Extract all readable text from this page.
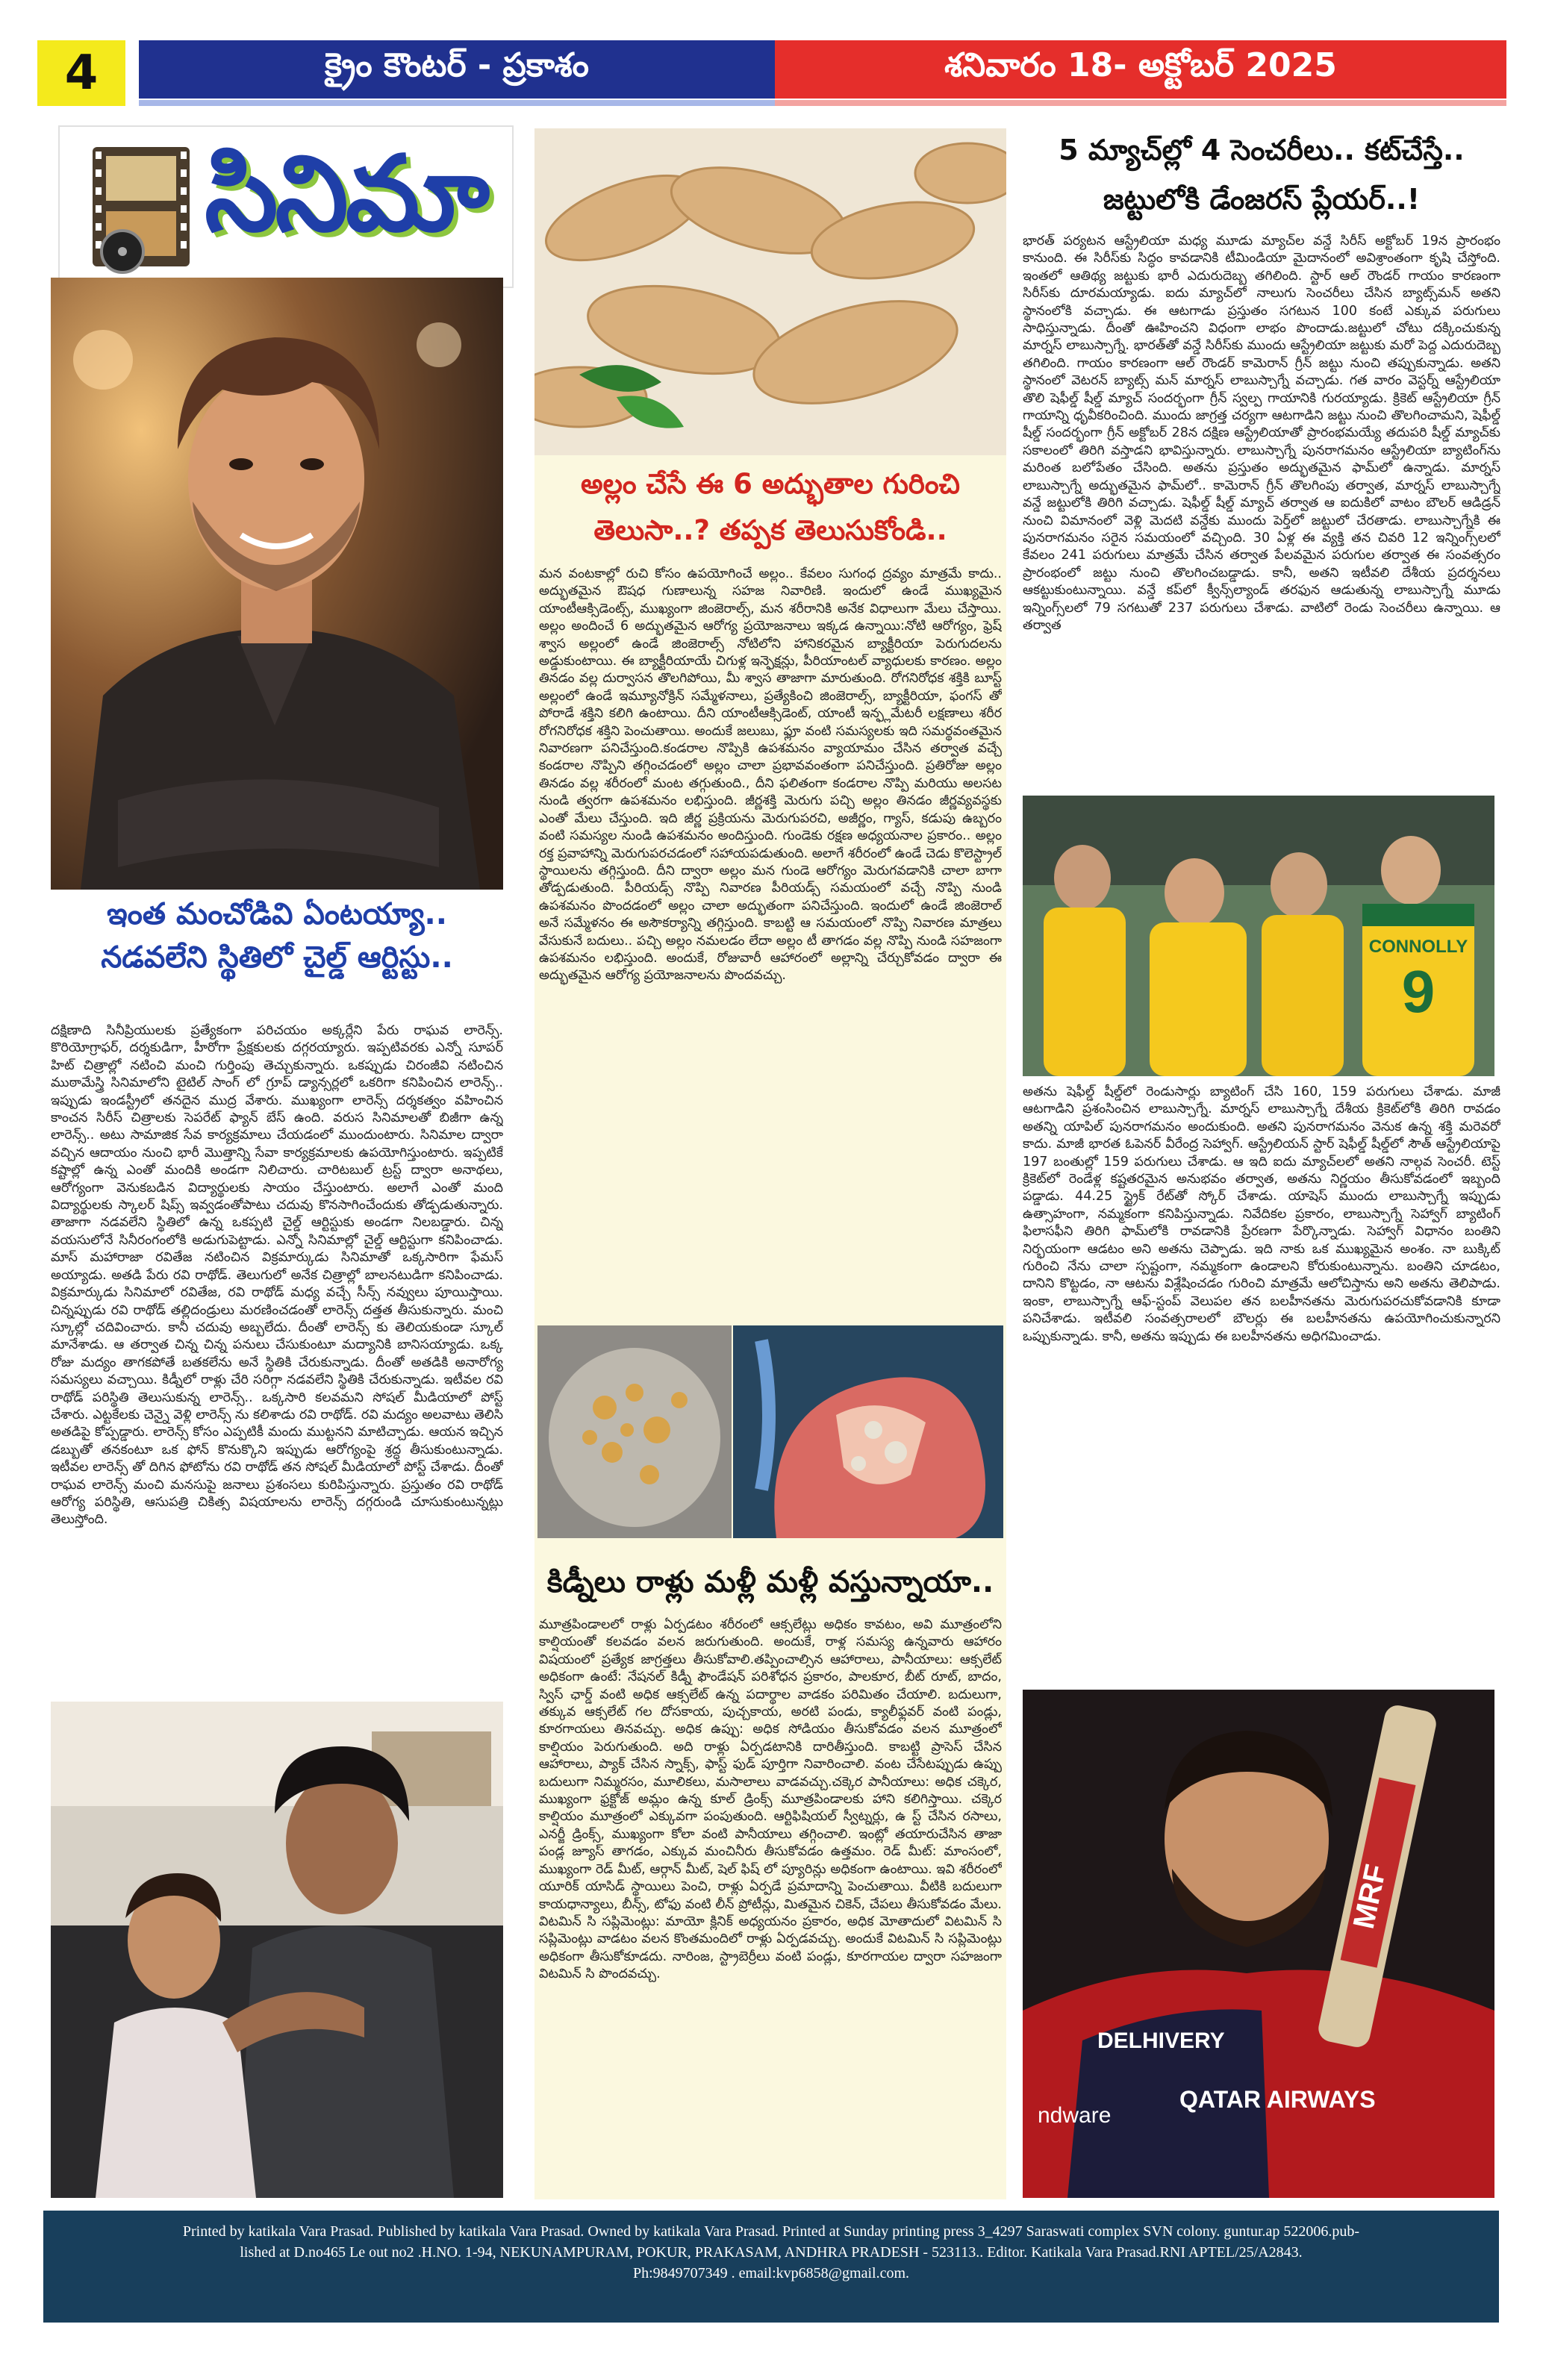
4	క్రైం కౌంటర్ - ప్రకాశం	శనివారం 18- అక్టోబర్ 2025
సినిమా
ఇంత మంచోడివి ఏంటయ్యా..
నడవలేని స్థితిలో చైల్డ్ ఆర్టిస్టు..

దక్షిణాది సినీప్రియులకు ప్రత్యేకంగా పరిచయం అక్కర్లేని పేరు రాఘవ లారెన్స్. కొరియోగ్రాఫర్, దర్శకుడిగా, హీరోగా ప్రేక్షకులకు దగ్గరయ్యారు. ఇప్పటివరకు ఎన్నో సూపర్ హిట్ చిత్రాల్లో నటించి మంచి గుర్తింపు తెచ్చుకున్నారు. ఒకప్పుడు చిరంజీవి నటించిన ముఠామేస్త్రి సినిమాలోని టైటిల్ సాంగ్ లో గ్రూప్ డ్యాన్సర్లలో ఒకరిగా కనిపించిన లారెన్స్.. ఇప్పుడు ఇండస్ట్రీలో తనదైన ముద్ర వేశారు. ముఖ్యంగా లారెన్స్ దర్శకత్వం వహించిన కాంచన సిరీస్ చిత్రాలకు సెపరేట్ ఫ్యాన్ బేస్ ఉంది. వరుస సినిమాలతో బిజీగా ఉన్న లారెన్స్.. అటు సామాజిక సేవ కార్యక్రమాలు చేయడంలో ముందుంటారు. సినిమాల ద్వారా వచ్చిన ఆదాయం నుంచి భారీ మొత్తాన్ని సేవా కార్యక్రమాలకు ఉపయోగిస్తుంటారు. ఇప్పటికే కష్టాల్లో ఉన్న ఎంతో మందికి అండగా నిలిచారు. చారిటబుల్ ట్రస్ట్ ద్వారా అనాథలు, ఆరోగ్యంగా వెనుకబడిన విద్యార్థులకు సాయం చేస్తుంటారు. అలాగే ఎంతో మంది విద్యార్థులకు స్కాలర్ షిప్స్ ఇవ్వడంతోపాటు చదువు కొనసాగించేందుకు తోడ్పడుతున్నారు. తాజాగా నడవలేని స్థితిలో ఉన్న ఒకప్పటి చైల్డ్ ఆర్టిస్టుకు అండగా నిలబడ్డారు. చిన్న వయసులోనే సినీరంగంలోకి అడుగుపెట్టాడు. ఎన్నో సినిమాల్లో చైల్డ్ ఆర్టిస్టుగా కనిపించాడు. మాస్ మహారాజా రవితేజ నటించిన విక్రమార్కుడు సినిమాతో ఒక్కసారిగా ఫేమస్ అయ్యాడు. అతడి పేరు రవి రాథోడ్. తెలుగులో అనేక చిత్రాల్లో బాలనటుడిగా కనిపించాడు. విక్రమార్కుడు సినిమాలో రవితేజ, రవి రాథోడ్ మధ్య వచ్చే సీన్స్ నవ్వులు పూయిస్తాయి. చిన్నప్పుడు రవి రాథోడ్ తల్లిదండ్రులు మరణించడంతో లారెన్స్ దత్తత తీసుకున్నారు. మంచి స్కూల్లో చదివించారు. కానీ చదువు అబ్బలేదు. దీంతో లారెన్స్ కు తెలియకుండా స్కూల్ మానేశాడు. ఆ తర్వాత చిన్న చిన్న పనులు చేసుకుంటూ మద్యానికి బానిసయ్యాడు. ఒక్క రోజు మద్యం తాగకపోతే బతకలేను అనే స్థితికి చేరుకున్నాడు. దీంతో అతడికి అనారోగ్య సమస్యలు వచ్చాయి. కిడ్నీలో రాళ్లు చేరి సరిగ్గా నడవలేని స్థితికి చేరుకున్నాడు. ఇటీవల రవి రాథోడ్ పరిస్థితి తెలుసుకున్న లారెన్స్.. ఒక్కసారి కలవమని సోషల్ మీడియాలో పోస్ట్ చేశారు. ఎట్టకేలకు చెన్నై వెళ్లి లారెన్స్ ను కలిశాడు రవి రాథోడ్. రవి మద్యం అలవాటు తెలిసి అతడిపై కోప్పడ్డారు. లారెన్స్ కోసం ఎప్పటికీ మందు ముట్టనని మాటిచ్చాడు. ఆయన ఇచ్చిన డబ్బుతో తనకంటూ ఒక ఫోన్ కొనుక్కొని ఇప్పుడు ఆరోగ్యంపై శ్రద్ధ తీసుకుంటున్నాడు. ఇటీవల లారెన్స్ తో దిగిన ఫోటోను రవి రాథోడ్ తన సోషల్ మీడియాలో పోస్ట్ చేశాడు. దీంతో రాఘవ లారెన్స్ మంచి మనసుపై జనాలు ప్రశంసలు కురిపిస్తున్నారు. ప్రస్తుతం రవి రాథోడ్ ఆరోగ్య పరిస్థితి, ఆసుపత్రి చికిత్స విషయాలను లారెన్స్ దగ్గరుండి చూసుకుంటున్నట్లు తెలుస్తోంది.

అల్లం చేసే ఈ 6 అద్భుతాల గురించి
తెలుసా..? తప్పక తెలుసుకోండి..

మన వంటకాల్లో రుచి కోసం ఉపయోగించే అల్లం.. కేవలం సుగంధ ద్రవ్యం మాత్రమే కాదు.. అద్భుతమైన ఔషధ గుణాలున్న సహజ నివారిణి. ఇందులో ఉండే ముఖ్యమైన యాంటీఆక్సిడెంట్స్, ముఖ్యంగా జింజెరాల్స్, మన శరీరానికి అనేక విధాలుగా మేలు చేస్తాయి. అల్లం అందించే 6 అద్భుతమైన ఆరోగ్య ప్రయోజనాలు ఇక్కడ ఉన్నాయి:నోటి ఆరోగ్యం, ఫ్రెష్ శ్వాస అల్లంలో ఉండే జింజెరాల్స్ నోటిలోని హానికరమైన బ్యాక్టీరియా పెరుగుదలను అడ్డుకుంటాయి. ఈ బ్యాక్టీరియాయే చిగుళ్ల ఇన్ఫెక్షన్లు, పీరియాంటల్ వ్యాధులకు కారణం. అల్లం తినడం వల్ల దుర్వాసన తొలగిపోయి, మీ శ్వాస తాజాగా మారుతుంది. రోగనిరోధక శక్తికి బూస్ట్ అల్లంలో ఉండే ఇమ్యూనోక్రిన్ సమ్మేళనాలు, ప్రత్యేకించి జింజెరాల్స్, బ్యాక్టీరియా, ఫంగస్ తో పోరాడే శక్తిని కలిగి ఉంటాయి. దీని యాంటీఆక్సిడెంట్, యాంటీ ఇన్ఫ్లమేటరీ లక్షణాలు శరీర రోగనిరోధక శక్తిని పెంచుతాయి. అందుకే జలుబు, ఫ్లూ వంటి సమస్యలకు ఇది సమర్థవంతమైన నివారణగా పనిచేస్తుంది.కండరాల నొప్పికి ఉపశమనం వ్యాయామం చేసిన తర్వాత వచ్చే కండరాల నొప్పిని తగ్గించడంలో అల్లం చాలా ప్రభావవంతంగా పనిచేస్తుంది. ప్రతిరోజు అల్లం తినడం వల్ల శరీరంలో మంట తగ్గుతుంది., దీని ఫలితంగా కండరాల నొప్పి మరియు అలసట నుండి త్వరగా ఉపశమనం లభిస్తుంది. జీర్ణశక్తి మెరుగు పచ్చి అల్లం తినడం జీర్ణవ్యవస్థకు ఎంతో మేలు చేస్తుంది. ఇది జీర్ణ ప్రక్రియను మెరుగుపరచి, అజీర్ణం, గ్యాస్, కడుపు ఉబ్బరం వంటి సమస్యల నుండి ఉపశమనం అందిస్తుంది. గుండెకు రక్షణ అధ్యయనాల ప్రకారం.. అల్లం రక్త ప్రవాహాన్ని మెరుగుపరచడంలో సహాయపడుతుంది. అలాగే శరీరంలో ఉండే చెడు కొలెస్ట్రాల్ స్థాయిలను తగ్గిస్తుంది. దీని ద్వారా అల్లం మన గుండె ఆరోగ్యం మెరుగవడానికి చాలా బాగా తోడ్పడుతుంది. పీరియడ్స్ నొప్పి నివారణ పీరియడ్స్ సమయంలో వచ్చే నొప్పి నుండి ఉపశమనం పొందడంలో అల్లం చాలా అద్భుతంగా పనిచేస్తుంది. ఇందులో ఉండే జింజెరాల్ అనే సమ్మేళనం ఈ అసౌకర్యాన్ని తగ్గిస్తుంది. కాబట్టి ఆ సమయంలో నొప్పి నివారణ మాత్రలు వేసుకునే బదులు.. పచ్చి అల్లం నమలడం లేదా అల్లం టీ తాగడం వల్ల నొప్పి నుండి సహజంగా ఉపశమనం లభిస్తుంది. అందుకే, రోజువారీ ఆహారంలో అల్లాన్ని చేర్చుకోవడం ద్వారా ఈ అద్భుతమైన ఆరోగ్య ప్రయోజనాలను పొందవచ్చు.

కిడ్నీలు రాళ్లు మళ్లీ మళ్లీ వస్తున్నాయా..

మూత్రపిండాలలో రాళ్లు ఏర్పడటం శరీరంలో ఆక్సలేట్లు అధికం కావటం, అవి మూత్రంలోని కాల్షియంతో కలవడం వలన జరుగుతుంది. అందుకే, రాళ్ల సమస్య ఉన్నవారు ఆహారం విషయంలో ప్రత్యేక జాగ్రత్తలు తీసుకోవాలి.తప్పించాల్సిన ఆహారాలు, పానీయాలు: ఆక్సలేట్ అధికంగా ఉంటే: నేషనల్ కిడ్నీ ఫౌండేషన్ పరిశోధన ప్రకారం, పాలకూర, బీట్ రూట్, బాదం, స్విస్ ఛార్డ్ వంటి అధిక ఆక్సలేట్ ఉన్న పదార్థాల వాడకం పరిమితం చేయాలి. బదులుగా, తక్కువ ఆక్సలేట్ గల దోసకాయ, పుచ్చకాయ, అరటి పండు, క్యాలీఫ్లవర్ వంటి పండ్లు, కూరగాయలు తినవచ్చు. అధిక ఉప్పు: అధిక సోడియం తీసుకోవడం వలన మూత్రంలో కాల్షియం పెరుగుతుంది. అది రాళ్లు ఏర్పడటానికి దారితీస్తుంది. కాబట్టి ప్రాసెస్ చేసిన ఆహారాలు, ప్యాక్ చేసిన స్నాక్స్, ఫాస్ట్ ఫుడ్ పూర్తిగా నివారించాలి. వంట చేసేటప్పుడు ఉప్పు బదులుగా నిమ్మరసం, మూలికలు, మసాలాలు వాడవచ్చు.చక్కెర పానీయాలు: అధిక చక్కెర, ముఖ్యంగా ఫ్రక్టోజ్ అమ్లం ఉన్న కూల్ డ్రింక్స్ మూత్రపిండాలకు హాని కలిగిస్తాయి. చక్కెర కాల్షియం మూత్రంలో ఎక్కువగా పంపుతుంది. ఆర్టిఫిషియల్ స్వీట్నర్లు, ఉ స్ట్ చేసిన రసాలు, ఎనర్జీ డ్రింక్స్, ముఖ్యంగా కోలా వంటి పానీయాలు తగ్గించాలి. ఇంట్లో తయారుచేసిన తాజా పండ్ల జ్యూస్ తాగడం, ఎక్కువ మంచినీరు తీసుకోవడం ఉత్తమం. రెడ్ మీట్: మాంసంలో, ముఖ్యంగా రెడ్ మీట్, ఆర్గాన్ మీట్, షెల్ ఫిష్ లో ప్యూరిన్లు అధికంగా ఉంటాయి. ఇవి శరీరంలో యూరిక్ యాసిడ్ స్థాయిలు పెంచి, రాళ్లు ఏర్పడే ప్రమాదాన్ని పెంచుతాయి. వీటికి బదులుగా కాయధాన్యాలు, బీన్స్, టోఫు వంటి లీన్ ప్రోటీన్లు, మితమైన చికెన్, చేపలు తీసుకోవడం మేలు. విటమిన్ సి సప్లిమెంట్లు: మాయో క్లినిక్ అధ్యయనం ప్రకారం, అధిక మోతాదులో విటమిన్ సి సప్లిమెంట్లు వాడటం వలన కొంతమందిలో రాళ్లు ఏర్పడవచ్చు. అందుకే విటమిన్ సి సప్లిమెంట్లు అధికంగా తీసుకోకూడదు. నారింజ, స్ట్రాబెర్రీలు వంటి పండ్లు, కూరగాయల ద్వారా సహజంగా విటమిన్ సి పొందవచ్చు.

5 మ్యాచ్‌ల్లో 4 సెంచరీలు.. కట్‌చేస్తే..
జట్టులోకి డేంజరస్ ప్లేయర్..!

భారత్ పర్యటన ఆస్ట్రేలియా మధ్య మూడు మ్యాచ్‌ల వన్డే సిరీస్ అక్టోబర్ 19న ప్రారంభం కానుంది. ఈ సిరీస్‌కు సిద్ధం కావడానికి టీమిండియా మైదానంలో అవిశ్రాంతంగా కృషి చేస్తోంది. ఇంతలో ఆతిథ్య జట్టుకు భారీ ఎదురుదెబ్బ తగిలింది. స్టార్ ఆల్ రౌండర్ గాయం కారణంగా సిరీస్‌కు దూరమయ్యాడు. ఐదు మ్యాచ్‌లో నాలుగు సెంచరీలు చేసిన బ్యాట్స్‌మన్ అతని స్థానంలోకి వచ్చాడు. ఈ ఆటగాడు ప్రస్తుతం సగటున 100 కంటే ఎక్కువ పరుగులు సాధిస్తున్నాడు. దీంతో ఊహించని విధంగా లాభం పొందాడు.జట్టులో చోటు దక్కించుకున్న మార్నస్ లాబుస్చాగ్నే. భారత్‌తో వన్డే సిరీస్‌కు ముందు ఆస్ట్రేలియా జట్టుకు మరో పెద్ద ఎదురుదెబ్బ తగిలింది. గాయం కారణంగా ఆల్ రౌండర్ కామెరాన్ గ్రీన్ జట్టు నుంచి తప్పుకున్నాడు. అతని స్థానంలో వెటరన్ బ్యాట్స్ మన్ మార్నస్ లాబుస్చాగ్నే వచ్చాడు. గత వారం వెస్టర్న్ ఆస్ట్రేలియా తొలి షెఫీల్డ్ షీల్డ్ మ్యాచ్ సందర్భంగా గ్రీన్ స్వల్ప గాయానికి గురయ్యాడు. క్రికెట్ ఆస్ట్రేలియా గ్రీన్ గాయాన్ని ధృవీకరించింది. ముందు జాగ్రత్త చర్యగా ఆటగాడిని జట్టు నుంచి తొలగించామని, షెఫీల్డ్ షీల్డ్ సందర్భంగా గ్రీన్ అక్టోబర్ 28న దక్షిణ ఆస్ట్రేలియాతో ప్రారంభమయ్యే తదుపరి షీల్డ్ మ్యాచ్‌కు సకాలంలో తిరిగి వస్తాడని భావిస్తున్నారు. లాబుస్చాగ్నే పునరాగమనం ఆస్ట్రేలియా బ్యాటింగ్‌ను మరింత బలోపేతం చేసింది. అతను ప్రస్తుతం అద్భుతమైన ఫామ్‌లో ఉన్నాడు. మార్నస్ లాబుస్చాగ్నే అద్భుతమైన ఫామ్‌లో.. కామెరాన్ గ్రీన్ తొలగింపు తర్వాత, మార్నస్ లాబుస్చాగ్నే వన్డే జట్టులోకి తిరిగి వచ్చాడు. షెఫీల్డ్ షీల్డ్ మ్యాచ్ తర్వాత ఆ ఐదుకిలో వాటం బౌలర్ ఆడిడ్రన్ నుంచి విమానంలో వెళ్లి మెదటి వన్డేకు ముందు పెర్త్‌లో జట్టులో చేరతాడు. లాబుస్చాగ్నేకి ఈ పునరాగమనం సరైన సమయంలో వచ్చింది. 30 ఏళ్ల ఈ వ్యక్తి తన చివరి 12 ఇన్నింగ్స్‌లలో కేవలం 241 పరుగులు మాత్రమే చేసిన తర్వాత పేలవమైన పరుగుల తర్వాత ఈ సంవత్సరం ప్రారంభంలో జట్టు నుంచి తొలగించబడ్డాడు. కానీ, అతని ఇటీవలి దేశీయ ప్రదర్శనలు ఆకట్టుకుంటున్నాయి. వన్డే కప్‌లో క్వీన్స్‌ల్యాండ్ తరఫున ఆడుతున్న లాబుస్చాగ్నే మూడు ఇన్నింగ్స్‌లలో 79 సగటుతో 237 పరుగులు చేశాడు. వాటిలో రెండు సెంచరీలు ఉన్నాయి. ఆ తర్వాత

CONNOLLY
9

అతను షెఫీల్డ్ షీల్డ్‌లో రెండుసార్లు బ్యాటింగ్ చేసి 160, 159 పరుగులు చేశాడు. మాజీ ఆటగాడిని ప్రశంసించిన లాబుస్చాగ్నే. మార్నస్ లాబుస్చాగ్నే దేశీయ క్రికెట్‌లోకి తిరిగి రావడం అతన్ని యాపిల్ పునరాగమనం అందుకుంది. అతని పునరాగమనం వెనుక ఉన్న శక్తి మరెవరో కాదు. మాజీ భారత ఓపెనర్ వీరేంద్ర సెహ్వాగ్. ఆస్ట్రేలియన్ స్టార్ షెఫీల్డ్ షీల్డ్‌లో సౌత్ ఆస్ట్రేలియాపై 197 బంతుల్లో 159 పరుగులు చేశాడు. ఆ ఇది ఐదు మ్యాచ్‌లలో అతని నాల్గవ సెంచరీ. టెస్ట్ క్రికెట్‌లో రెండేళ్ల కష్టతరమైన అనుభవం తర్వాత, అతను నిర్ణయం తీసుకోవడంలో ఇబ్బంది పడ్డాడు. 44.25 స్ట్రైక్ రేట్‌తో స్కోర్ చేశాడు. యాషెస్ ముందు లాబుస్చాగ్నే ఇప్పుడు ఉత్సాహంగా, నమ్మకంగా కనిపిస్తున్నాడు. నివేదికల ప్రకారం, లాబుస్చాగ్నే సెహ్వాగ్ బ్యాటింగ్ ఫిలాసఫీని తిరిగి ఫామ్‌లోకి రావడానికి ప్రేరణగా పేర్కొన్నాడు. సెహ్వాగ్ విధానం బంతిని నిర్భయంగా ఆడటం అని అతను చెప్పాడు. ఇది నాకు ఒక ముఖ్యమైన అంశం. నా బుక్కిట్ గురించి నేను చాలా స్పష్టంగా, నమ్మకంగా ఉండాలని కోరుకుంటున్నాను. బంతిని చూడటం, దానిని కొట్టడం, నా ఆటను విశ్లేషించడం గురించి మాత్రమే ఆలోచిస్తాను అని అతను తెలిపాడు. ఇంకా, లాబుస్చాగ్నే ఆఫ్-స్టంప్ వెలుపల తన బలహీనతను మెరుగుపరచుకోవడానికి కూడా పనిచేశాడు. ఇటీవలి సంవత్సరాలలో బౌలర్లు ఈ బలహీనతను ఉపయోగించుకున్నారని ఒప్పుకున్నాడు. కానీ, అతను ఇప్పుడు ఈ బలహీనతను అధిగమించాడు.

DELHIVERY
QATAR AIRWAYS
ndware
MRF
Printed by katikala Vara Prasad. Published by katikala Vara Prasad. Owned by katikala Vara Prasad. Printed at Sunday printing press 3_4297 Saraswati complex SVN colony. guntur.ap 522006.pub-
lished at D.no465 Le out no2 .H.NO. 1-94, NEKUNAMPURAM, POKUR, PRAKASAM, ANDHRA PRADESH - 523113.. Editor. Katikala Vara Prasad.RNI APTEL/25/A2843.
Ph:9849707349 . email:kvp6858@gmail.com.
